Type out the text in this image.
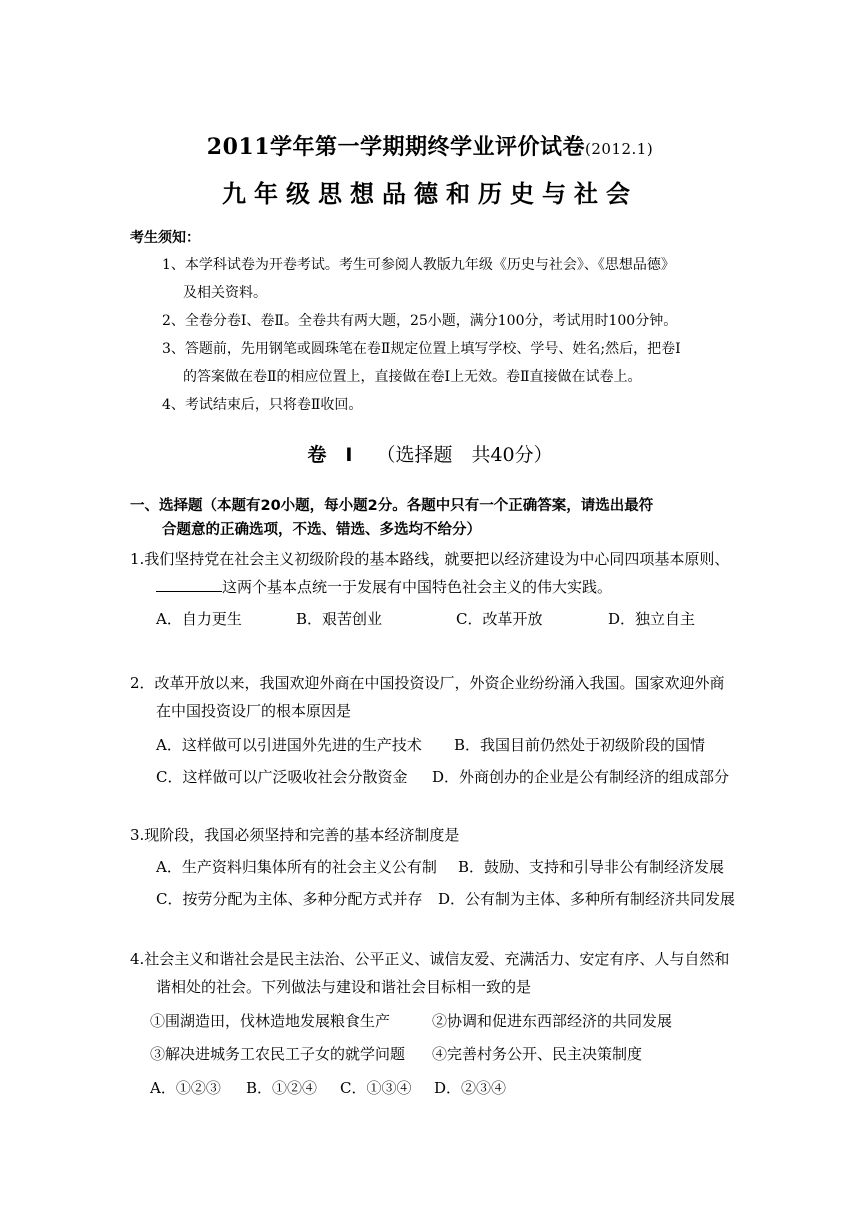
2011学年第一学期期终学业评价试卷(2012.1)
九年级思想品德和历史与社会
考生须知：
1、本学科试卷为开卷考试。考生可参阅人教版九年级《历史与社会》、《思想品德》
及相关资料。
2、全卷分卷Ⅰ、卷Ⅱ。全卷共有两大题，25小题，满分100分，考试用时100分钟。
3、答题前，先用钢笔或圆珠笔在卷Ⅱ规定位置上填写学校、学号、姓名;然后，把卷Ⅰ
的答案做在卷Ⅱ的相应位置上，直接做在卷Ⅰ上无效。卷Ⅱ直接做在试卷上。
4、考试结束后，只将卷Ⅱ收回。
卷　Ⅰ （选择题　共40分）
一、选择题（本题有20小题，每小题2分。各题中只有一个正确答案，请选出最符
合题意的正确选项，不选、错选、多选均不给分）
1.我们坚持党在社会主义初级阶段的基本路线，就要把以经济建设为中心同四项基本原则、
这两个基本点统一于发展有中国特色社会主义的伟大实践。
A．自力更生	B．艰苦创业	C．改革开放	D．独立自主
2．改革开放以来，我国欢迎外商在中国投资设厂，外资企业纷纷涌入我国。国家欢迎外商
在中国投资设厂的根本原因是
A．这样做可以引进国外先进的生产技术 B．我国目前仍然处于初级阶段的国情
C．这样做可以广泛吸收社会分散资金 D．外商创办的企业是公有制经济的组成部分
3.现阶段，我国必须坚持和完善的基本经济制度是
A．生产资料归集体所有的社会主义公有制 B．鼓励、支持和引导非公有制经济发展
C．按劳分配为主体、多种分配方式并存 D．公有制为主体、多种所有制经济共同发展
4.社会主义和谐社会是民主法治、公平正义、诚信友爱、充满活力、安定有序、人与自然和
谐相处的社会。下列做法与建设和谐社会目标相一致的是
①围湖造田，伐林造地发展粮食生产	②协调和促进东西部经济的共同发展
③解决进城务工农民工子女的就学问题 ④完善村务公开、民主决策制度
A．①②③ B．①②④ C．①③④ D．②③④
